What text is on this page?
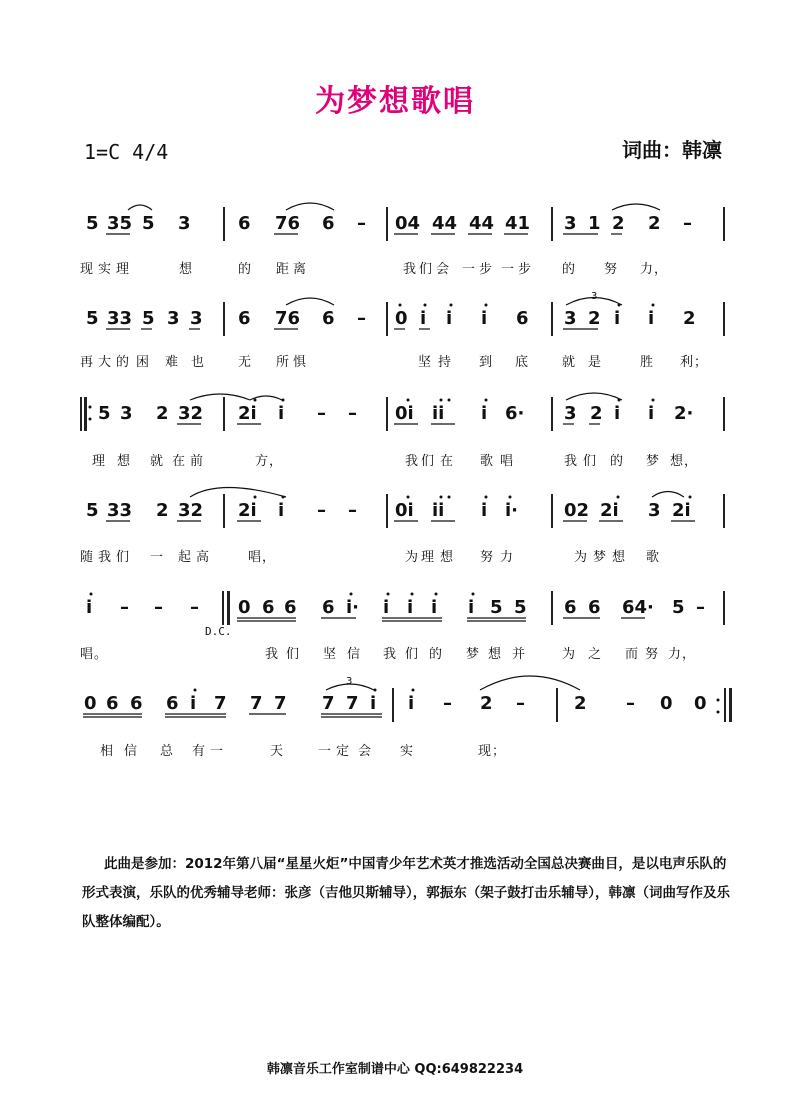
为梦想歌唱
1=C 4/4	词曲：韩凛
5 35 5 3	6 76 6 – 04 44 44 41 3 1 2 2 –
现 实 理	想	的 距 离	我 们 会 一 步 一 步 的 努 力，
5 33 5 3 3 6 76 6 – 0 i i i 6 3 2 i i 2
再 大 的 困 难 也	无 所 惧	坚 持 到 底	就 是	胜 利；
5 3 2 32 2i i – – 0i ii i 6· 3 2 i i 2·
理 想 就 在 前	方，	我 们 在 歌 唱	我 们 的 梦 想，
5 33 2 32 2i i – – 0i ii i i·	02 2i 3 2i
随 我 们 一 起 高	唱，	为 理 想 努 力	为 梦 想 歌
i – – – 0 6 6 6 i· i i i i 5 5 6 6 64· 5 –
D.C.
唱。	我 们 坚 信 我 们 的 梦 想 并	为 之 而 努 力，
0 6 6 6 i 7 7 7 7 7 i i – 2 –	2 – 0 0
相 信 总 有 一	天	一 定 会 实	现；
3
3
此曲是参加：2012年第八届“星星火炬”中国青少年艺术英才推选活动全国总决赛曲目，是以电声乐队的形式表演，乐队的优秀辅导老师：张彦（吉他贝斯辅导），郭振东（架子鼓打击乐辅导），韩凛（词曲写作及乐队整体编配）。
韩凛音乐工作室制谱中心 QQ:649822234
